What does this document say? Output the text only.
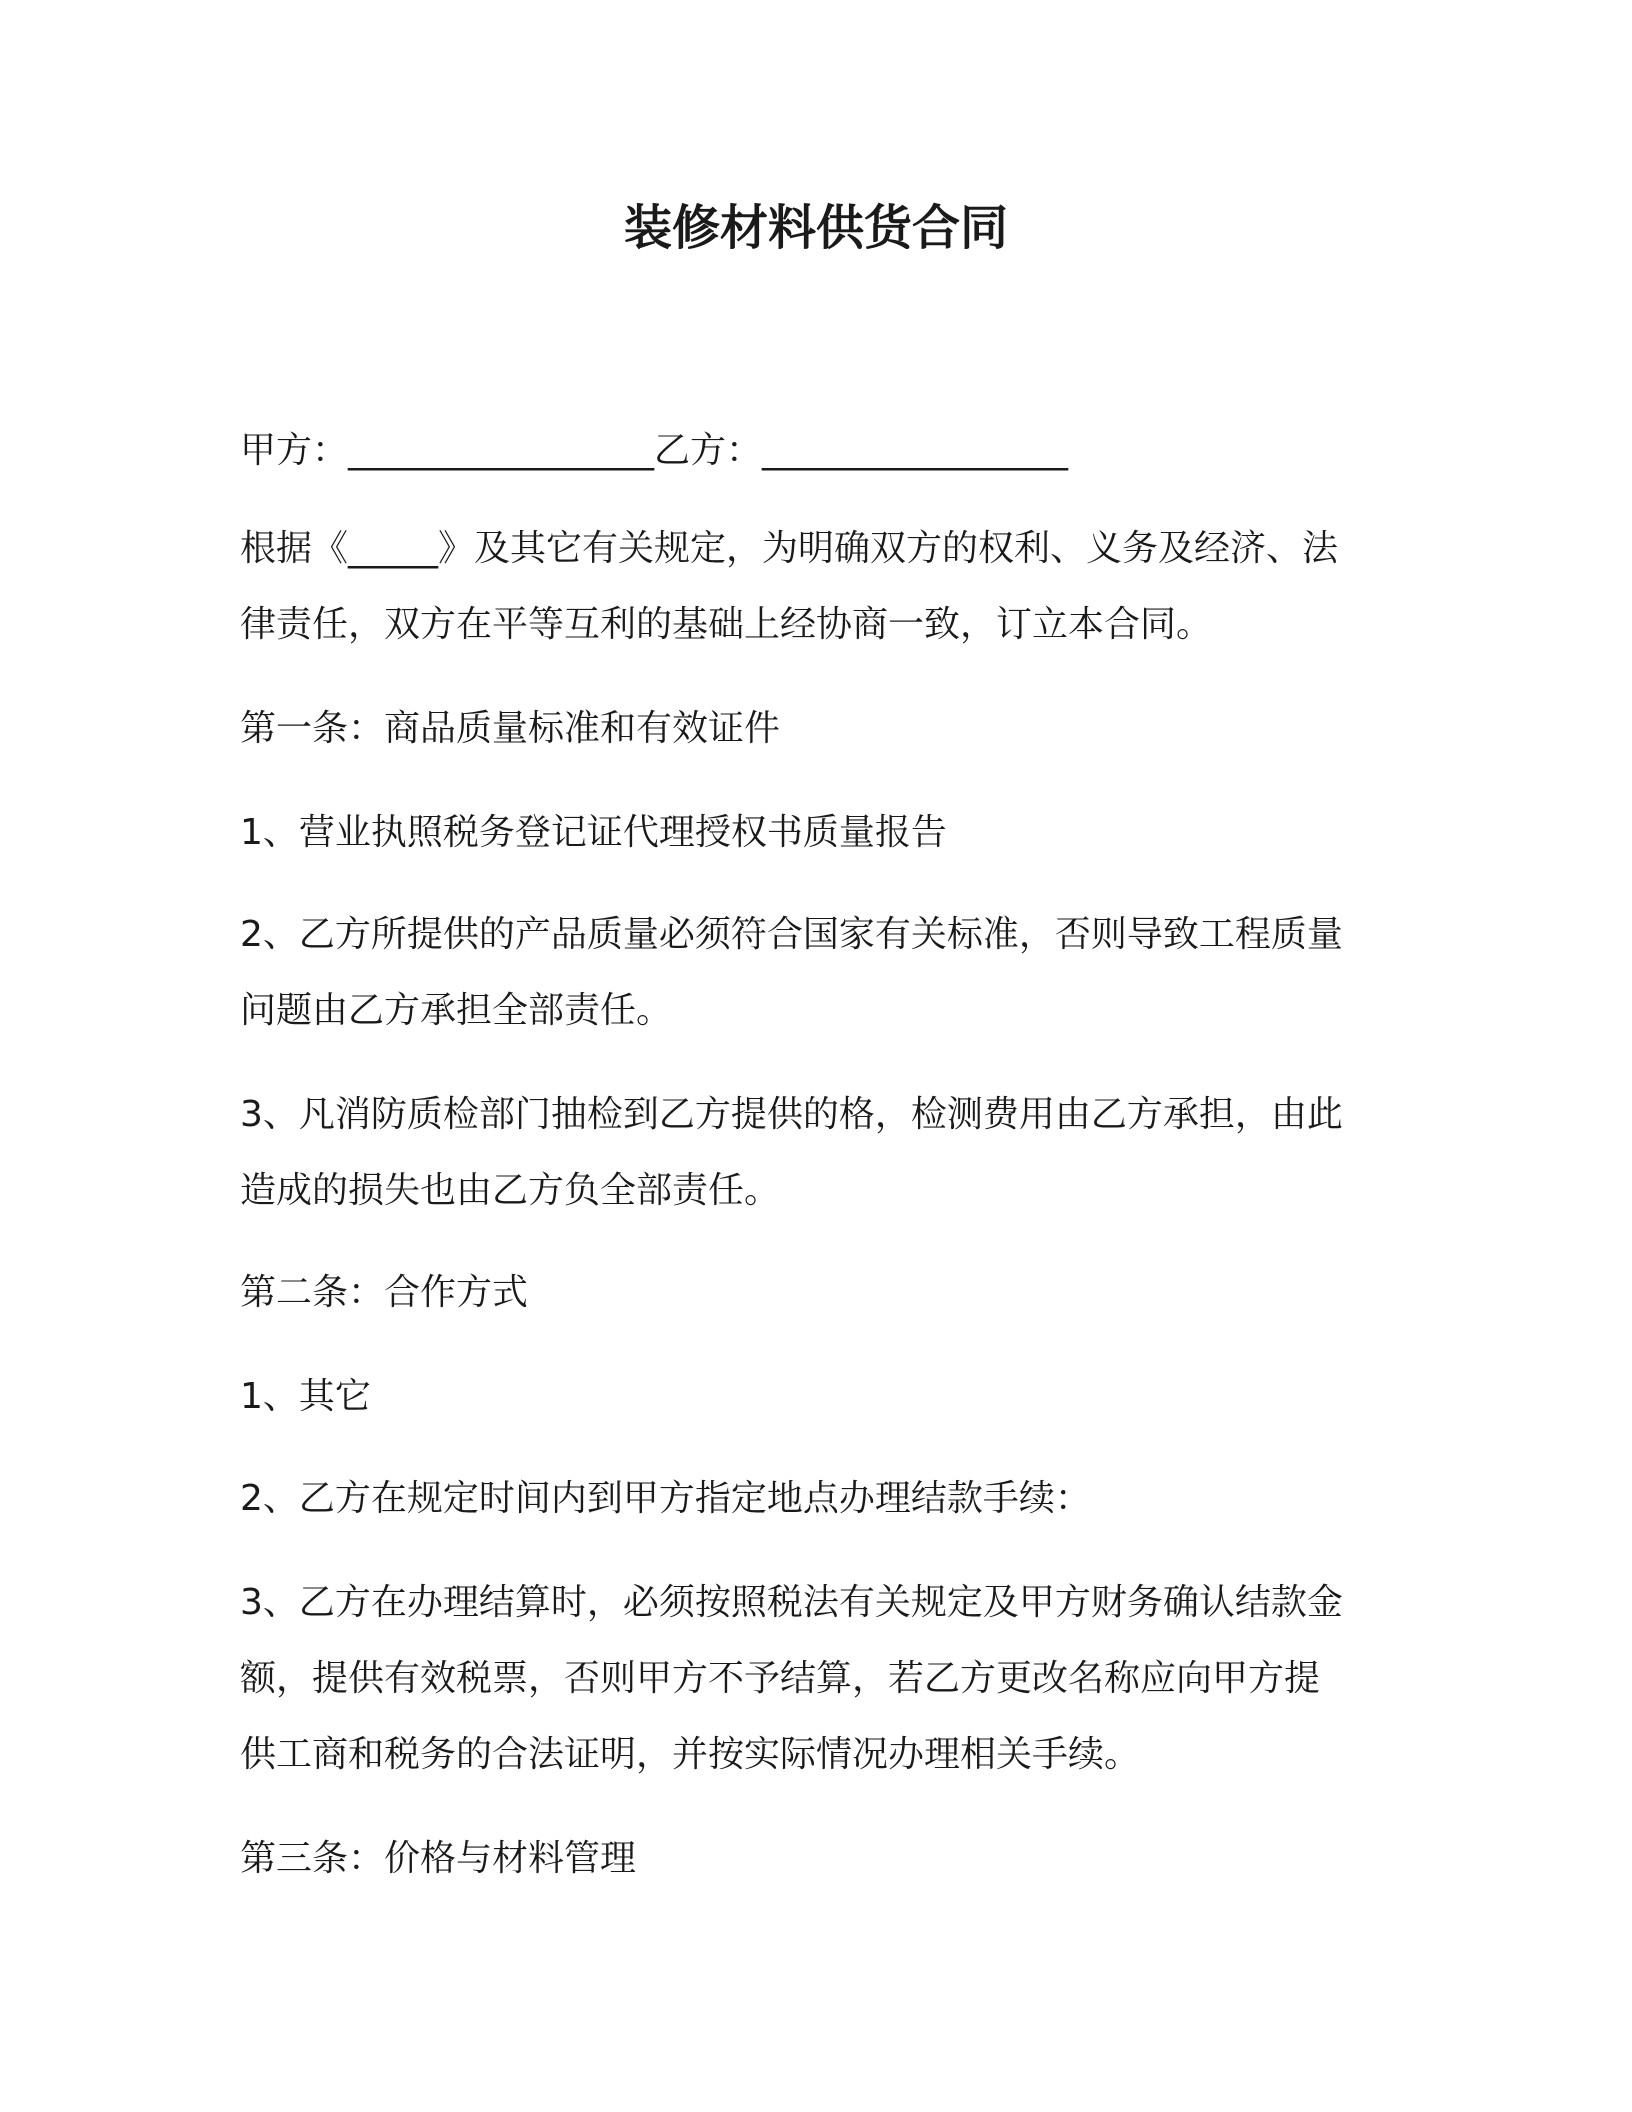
装修材料供货合同

甲方：_________________乙方：_________________

根据《_____》及其它有关规定，为明确双方的权利、义务及经济、法

律责任，双方在平等互利的基础上经协商一致，订立本合同。

第一条：商品质量标准和有效证件

1、营业执照税务登记证代理授权书质量报告

2、乙方所提供的产品质量必须符合国家有关标准，否则导致工程质量

问题由乙方承担全部责任。

3、凡消防质检部门抽检到乙方提供的格，检测费用由乙方承担，由此

造成的损失也由乙方负全部责任。

第二条：合作方式

1、其它

2、乙方在规定时间内到甲方指定地点办理结款手续：

3、乙方在办理结算时，必须按照税法有关规定及甲方财务确认结款金

额，提供有效税票，否则甲方不予结算，若乙方更改名称应向甲方提

供工商和税务的合法证明，并按实际情况办理相关手续。

第三条：价格与材料管理
